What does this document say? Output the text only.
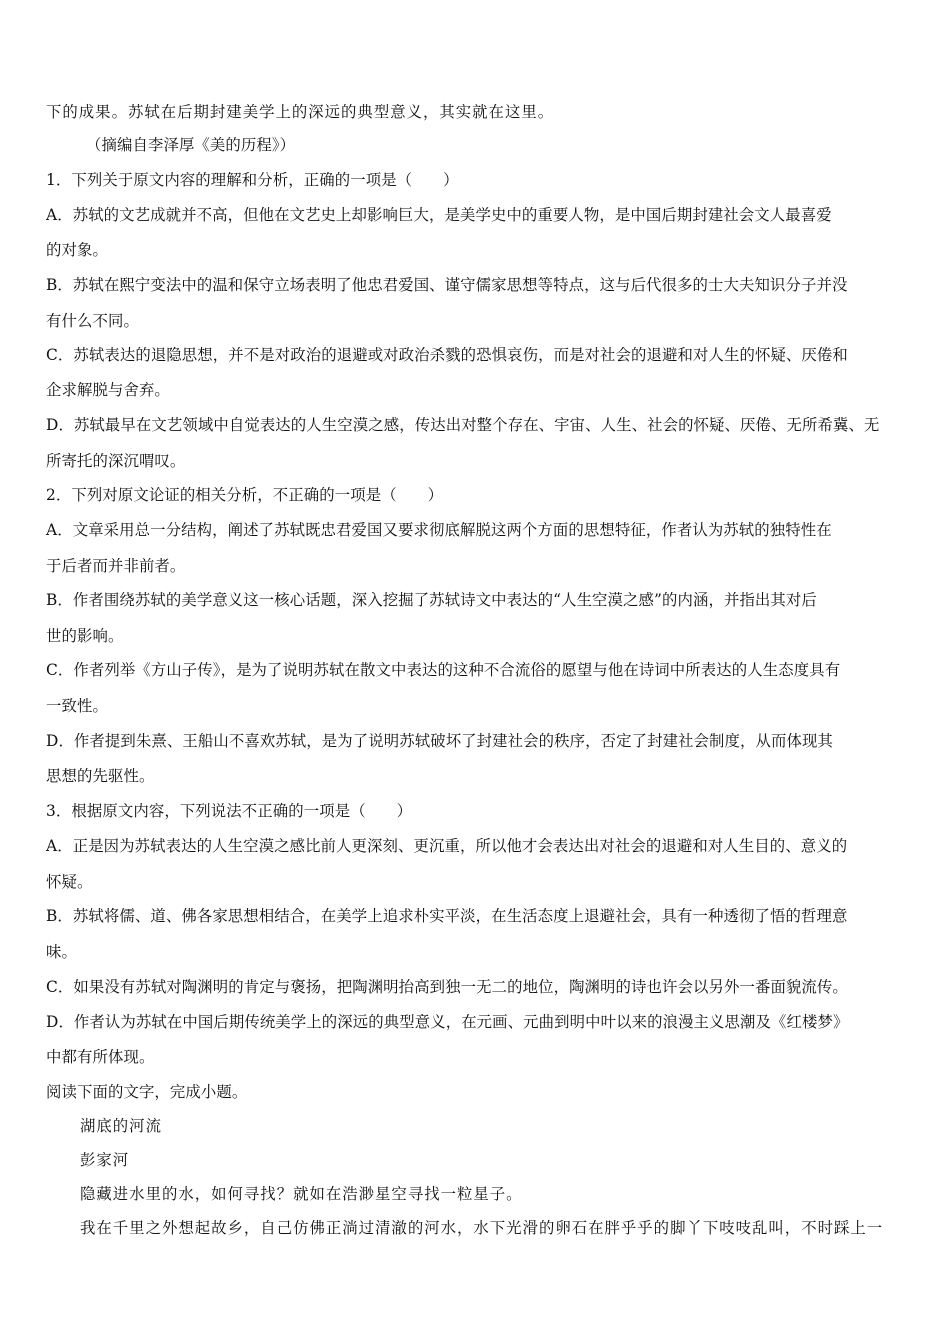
下的成果。苏轼在后期封建美学上的深远的典型意义，其实就在这里。
（摘编自李泽厚《美的历程》）
1．下列关于原文内容的理解和分析，正确的一项是（　　）
A．苏轼的文艺成就并不高，但他在文艺史上却影响巨大，是美学史中的重要人物，是中国后期封建社会文人最喜爱
的对象。
B．苏轼在熙宁变法中的温和保守立场表明了他忠君爱国、谨守儒家思想等特点，这与后代很多的士大夫知识分子并没
有什么不同。
C．苏轼表达的退隐思想，并不是对政治的退避或对政治杀戮的恐惧哀伤，而是对社会的退避和对人生的怀疑、厌倦和
企求解脱与舍弃。
D．苏轼最早在文艺领域中自觉表达的人生空漠之感，传达出对整个存在、宇宙、人生、社会的怀疑、厌倦、无所希冀、无
所寄托的深沉喟叹。
2．下列对原文论证的相关分析，不正确的一项是（　　）
A．文章采用总一分结构，阐述了苏轼既忠君爱国又要求彻底解脱这两个方面的思想特征，作者认为苏轼的独特性在
于后者而并非前者。
B．作者围绕苏轼的美学意义这一核心话题，深入挖掘了苏轼诗文中表达的“人生空漠之感”的内涵，并指出其对后
世的影响。
C．作者列举《方山子传》，是为了说明苏轼在散文中表达的这种不合流俗的愿望与他在诗词中所表达的人生态度具有
一致性。
D．作者提到朱熹、王船山不喜欢苏轼，是为了说明苏轼破坏了封建社会的秩序，否定了封建社会制度，从而体现其
思想的先驱性。
3．根据原文内容，下列说法不正确的一项是（　　）
A．正是因为苏轼表达的人生空漠之感比前人更深刻、更沉重，所以他才会表达出对社会的退避和对人生目的、意义的
怀疑。
B．苏轼将儒、道、佛各家思想相结合，在美学上追求朴实平淡，在生活态度上退避社会，具有一种透彻了悟的哲理意
味。
C．如果没有苏轼对陶渊明的肯定与褒扬，把陶渊明抬高到独一无二的地位，陶渊明的诗也许会以另外一番面貌流传。
D．作者认为苏轼在中国后期传统美学上的深远的典型意义，在元画、元曲到明中叶以来的浪漫主义思潮及《红楼梦》
中都有所体现。
阅读下面的文字，完成小题。
湖底的河流
彭家河
隐藏进水里的水，如何寻找？就如在浩渺星空寻找一粒星子。
我在千里之外想起故乡，自己仿佛正淌过清澈的河水，水下光滑的卵石在胖乎乎的脚丫下吱吱乱叫，不时踩上一
